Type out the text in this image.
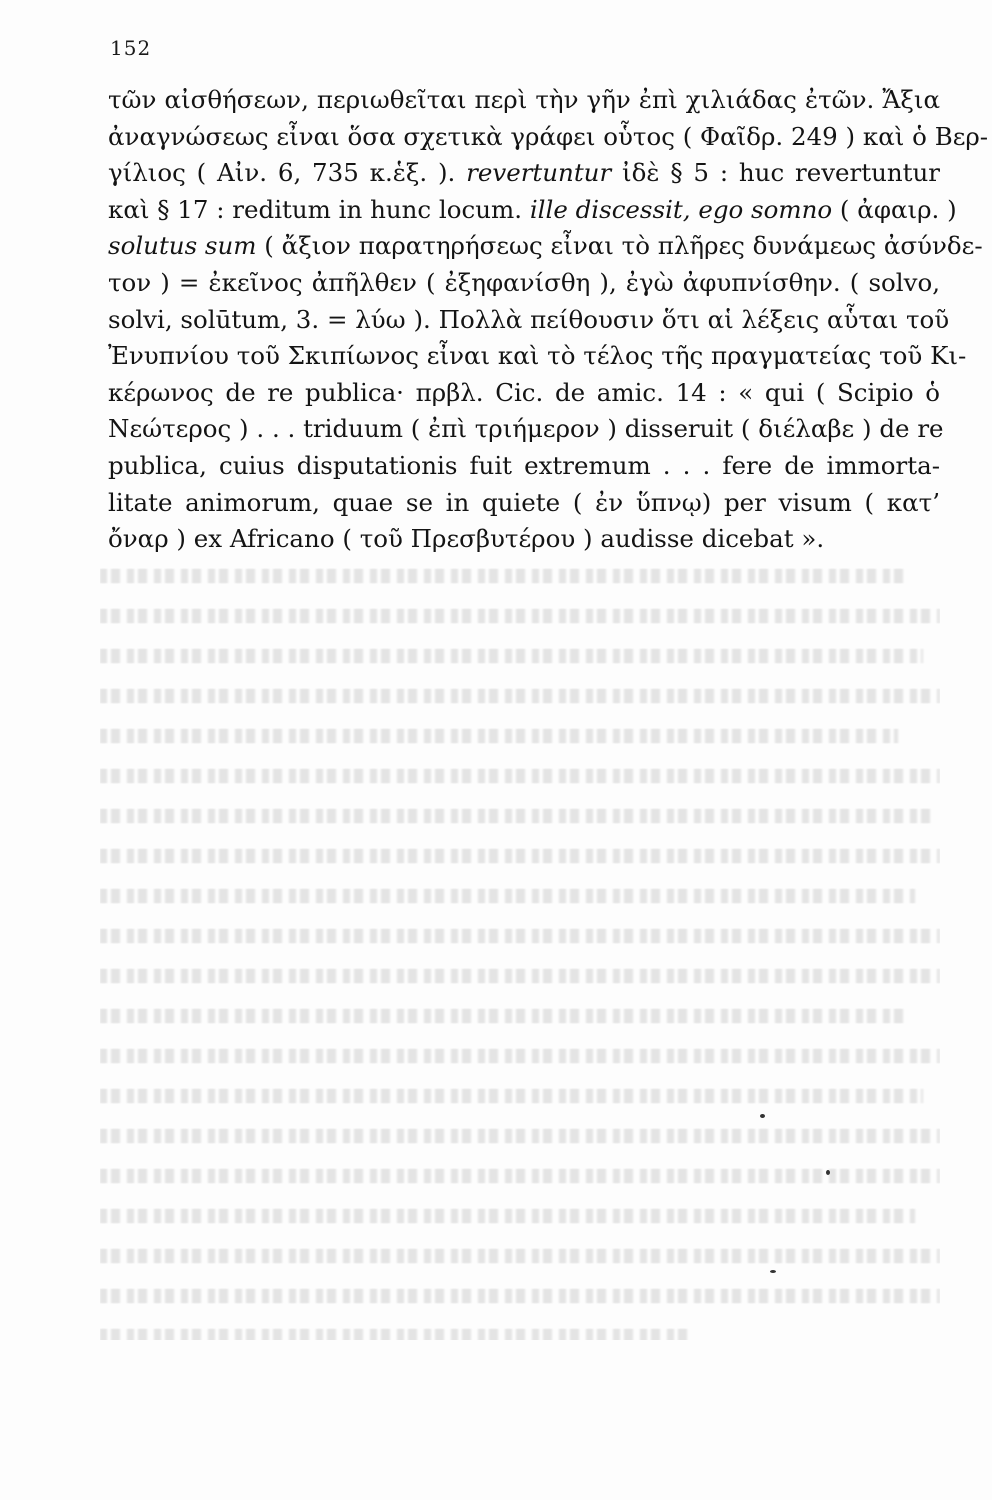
152
τῶν αἰσθήσεων, περιωθεῖται περὶ τὴν γῆν ἐπὶ χιλιάδας ἐτῶν. Ἄξια
ἀναγνώσεως εἶναι ὅσα σχετικὰ γράφει οὗτος ( Φαῖδρ. 249 ) καὶ ὁ Βερ-
γίλιος ( Αἰν. 6, 735 κ.ἑξ. ). revertuntur ἰδὲ § 5 : huc revertuntur
καὶ § 17 : reditum in hunc locum. ille discessit, ego somno ( ἀφαιρ. )
solutus sum ( ἄξιον παρατηρήσεως εἶναι τὸ πλῆρες δυνάμεως ἀσύνδε-
τον ) = ἐκεῖνος ἀπῆλθεν ( ἐξηφανίσθη ), ἐγὼ ἀφυπνίσθην. ( solvo,
solvi, solūtum, 3. = λύω ). Πολλὰ πείθουσιν ὅτι αἱ λέξεις αὗται τοῦ
Ἐνυπνίου τοῦ Σκιπίωνος εἶναι καὶ τὸ τέλος τῆς πραγματείας τοῦ Κι-
κέρωνος de re publica· πρβλ. Cic. de amic. 14 : « qui ( Scipio ὁ
Νεώτερος ) . . . triduum ( ἐπὶ τριήμερον ) disseruit ( διέλαβε ) de re
publica, cuius disputationis fuit extremum . . . fere de immorta-
litate animorum, quae se in quiete ( ἐν ὕπνῳ) per visum ( κατ’
ὄναρ ) ex Africano ( τοῦ Πρεσβυτέρου ) audisse dicebat ».
